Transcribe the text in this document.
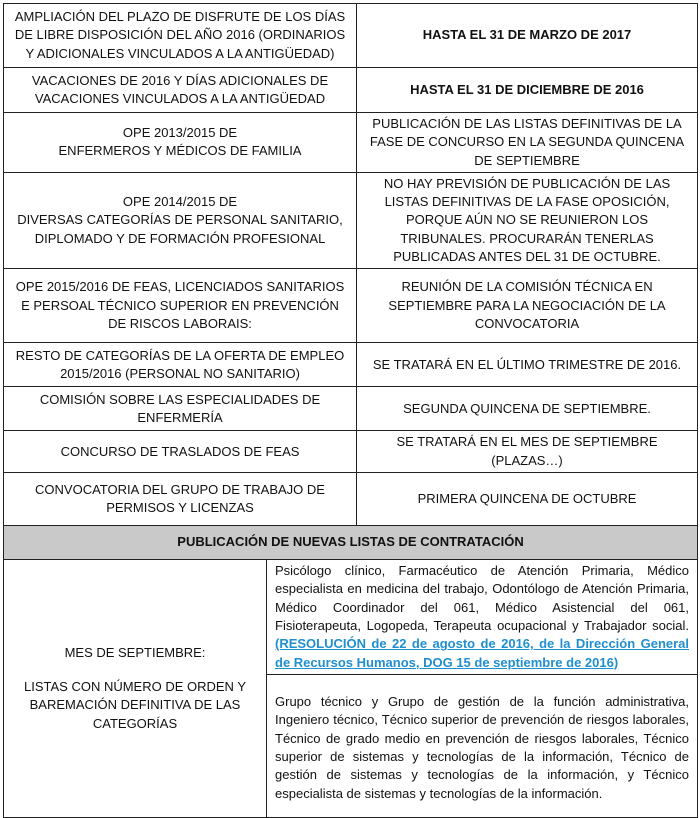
AMPLIACIÓN DEL PLAZO DE DISFRUTE DE LOS DÍAS DE LIBRE DISPOSICIÓN DEL AÑO 2016 (ORDINARIOS Y ADICIONALES VINCULADOS A LA ANTIGÜEDAD)		HASTA EL 31 DE MARZO DE 2017
VACACIONES DE 2016 Y DÍAS ADICIONALES DE VACACIONES VINCULADOS A LA ANTIGÜEDAD		HASTA EL 31 DE DICIEMBRE DE 2016
OPE 2013/2015 DE
ENFERMEROS Y MÉDICOS DE FAMILIA		PUBLICACIÓN DE LAS LISTAS DEFINITIVAS DE LA FASE DE CONCURSO EN LA SEGUNDA QUINCENA DE SEPTIEMBRE
OPE 2014/2015 DE
DIVERSAS CATEGORÍAS DE PERSONAL SANITARIO, DIPLOMADO Y DE FORMACIÓN PROFESIONAL		NO HAY PREVISIÓN DE PUBLICACIÓN DE LAS LISTAS DEFINITIVAS DE LA FASE OPOSICIÓN, PORQUE AÚN NO SE REUNIERON LOS TRIBUNALES. PROCURARÁN TENERLAS PUBLICADAS ANTES DEL 31 DE OCTUBRE.
OPE 2015/2016 DE FEAS, LICENCIADOS SANITARIOS E PERSOAL TÉCNICO SUPERIOR EN PREVENCIÓN DE RISCOS LABORAIS:		REUNIÓN DE LA COMISIÓN TÉCNICA EN SEPTIEMBRE PARA LA NEGOCIACIÓN DE LA CONVOCATORIA
RESTO DE CATEGORÍAS DE LA OFERTA DE EMPLEO 2015/2016 (PERSONAL NO SANITARIO)		SE TRATARÁ EN EL ÚLTIMO TRIMESTRE DE 2016.
COMISIÓN SOBRE LAS ESPECIALIDADES DE ENFERMERÍA		SEGUNDA QUINCENA DE SEPTIEMBRE.
CONCURSO DE TRASLADOS DE FEAS		SE TRATARÁ EN EL MES DE SEPTIEMBRE (PLAZAS…)
CONVOCATORIA DEL GRUPO DE TRABAJO DE PERMISOS Y LICENZAS		PRIMERA QUINCENA DE OCTUBRE
PUBLICACIÓN DE NUEVAS LISTAS DE CONTRATACIÓN		
MES DE SEPTIEMBRE:
LISTAS CON NÚMERO DE ORDEN Y BAREMACIÓN DEFINITIVA DE LAS CATEGORÍAS	Psicólogo clínico, Farmacéutico de Atención Primaria, Médico especialista en medicina del trabajo, Odontólogo de Atención Primaria, Médico Coordinador del 061, Médico Asistencial del 061, Fisioterapeuta, Logopeda, Terapeuta ocupacional y Trabajador social. (RESOLUCIÓN de 22 de agosto de 2016, de la Dirección General de Recursos Humanos, DOG 15 de septiembre de 2016)	
	Grupo técnico y Grupo de gestión de la función administrativa, Ingeniero técnico, Técnico superior de prevención de riesgos laborales, Técnico de grado medio en prevención de riesgos laborales, Técnico superior de sistemas y tecnologías de la información, Técnico de gestión de sistemas y tecnologías de la información, y Técnico especialista de sistemas y tecnologías de la información.	
